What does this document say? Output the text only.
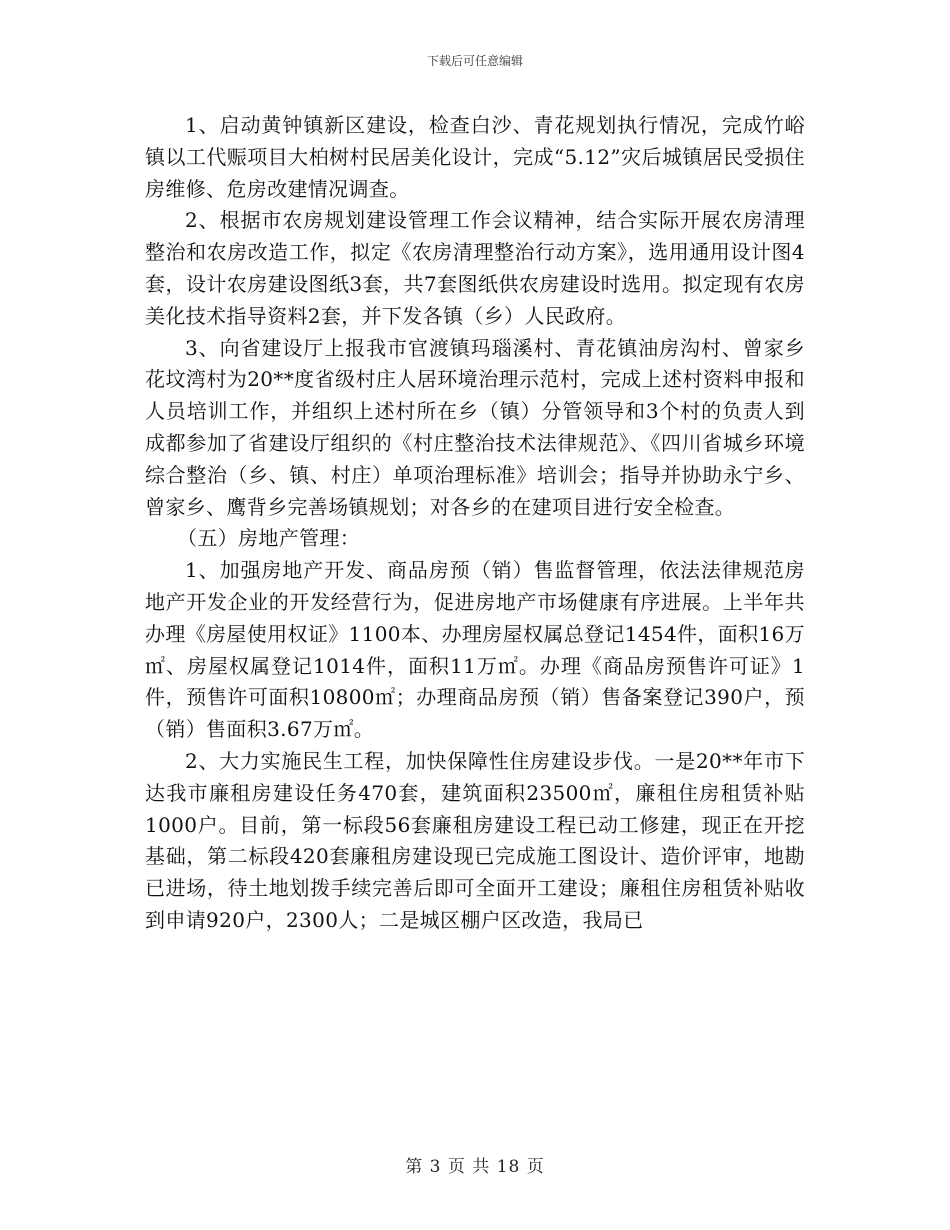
下载后可任意编辑

1、启动黄钟镇新区建设，检查白沙、青花规划执行情况，完成竹峪镇以工代赈项目大柏树村民居美化设计，完成“5.12”灾后城镇居民受损住房维修、危房改建情况调查。

2、根据市农房规划建设管理工作会议精神，结合实际开展农房清理整治和农房改造工作，拟定《农房清理整治行动方案》，选用通用设计图4套，设计农房建设图纸3套，共7套图纸供农房建设时选用。拟定现有农房美化技术指导资料2套，并下发各镇（乡）人民政府。

3、向省建设厅上报我市官渡镇玛瑙溪村、青花镇油房沟村、曾家乡花坟湾村为20**度省级村庄人居环境治理示范村，完成上述村资料申报和人员培训工作，并组织上述村所在乡（镇）分管领导和3个村的负责人到成都参加了省建设厅组织的《村庄整治技术法律规范》、《四川省城乡环境综合整治（乡、镇、村庄）单项治理标准》培训会；指导并协助永宁乡、曾家乡、鹰背乡完善场镇规划；对各乡的在建项目进行安全检查。

（五）房地产管理：

1、加强房地产开发、商品房预（销）售监督管理，依法法律规范房地产开发企业的开发经营行为，促进房地产市场健康有序进展。上半年共办理《房屋使用权证》1100本、办理房屋权属总登记1454件，面积16万㎡、房屋权属登记1014件，面积11万㎡。办理《商品房预售许可证》1件，预售许可面积10800㎡；办理商品房预（销）售备案登记390户，预（销）售面积3.67万㎡。

2、大力实施民生工程，加快保障性住房建设步伐。一是20**年市下达我市廉租房建设任务470套，建筑面积23500㎡，廉租住房租赁补贴1000户。目前，第一标段56套廉租房建设工程已动工修建，现正在开挖基础，第二标段420套廉租房建设现已完成施工图设计、造价评审，地勘已进场，待土地划拨手续完善后即可全面开工建设；廉租住房租赁补贴收到申请920户，2300人；二是城区棚户区改造，我局已

第 3 页 共 18 页
